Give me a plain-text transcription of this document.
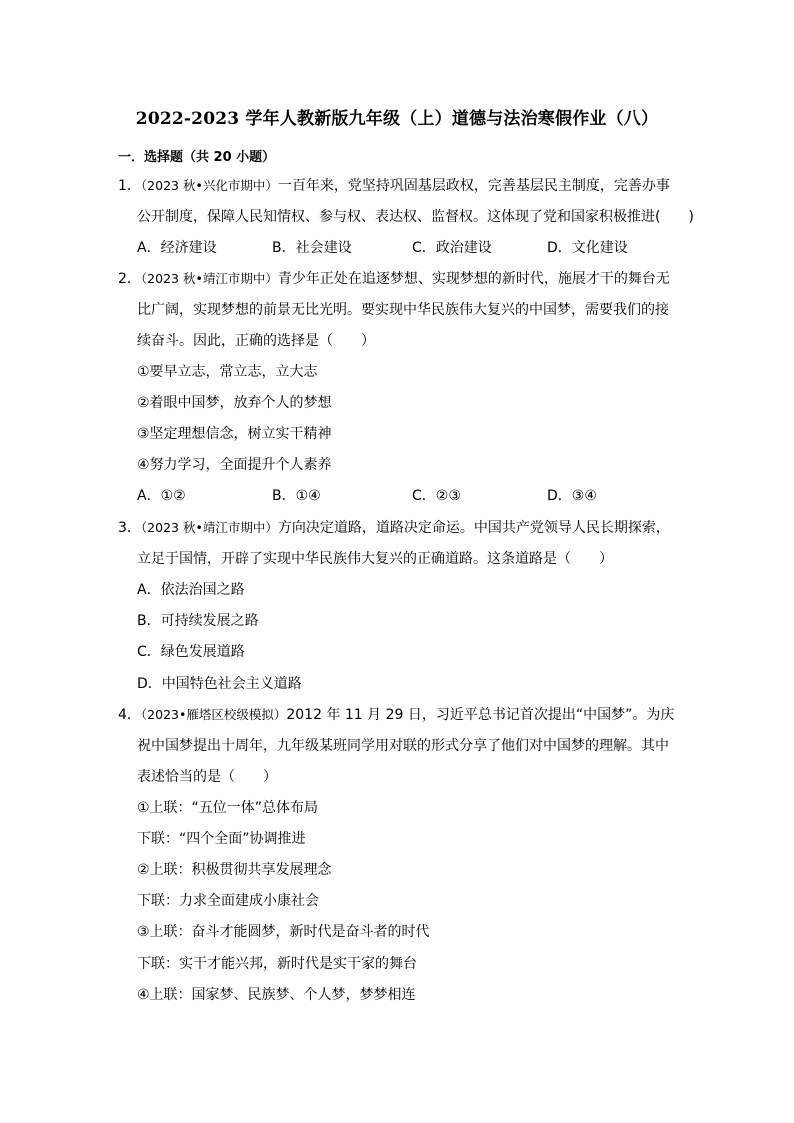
2022-2023 学年人教新版九年级（上）道德与法治寒假作业（八）
一．选择题（共 20 小题）
1．（2023 秋•兴化市期中）一百年来，党坚持巩固基层政权，完善基层民主制度，完善办事
公开制度，保障人民知情权、参与权、表达权、监督权。这体现了党和国家积极推进(　　)
A．经济建设	B．社会建设	C．政治建设	D．文化建设
2．（2023 秋•靖江市期中）青少年正处在追逐梦想、实现梦想的新时代，施展才干的舞台无
比广阔，实现梦想的前景无比光明。要实现中华民族伟大复兴的中国梦，需要我们的接
续奋斗。因此，正确的选择是（　　）
①要早立志，常立志，立大志
②着眼中国梦，放弃个人的梦想
③坚定理想信念，树立实干精神
④努力学习，全面提升个人素养
A．①②	B．①④	C．②③	D．③④
3．（2023 秋•靖江市期中）方向决定道路，道路决定命运。中国共产党领导人民长期探索，
立足于国情，开辟了实现中华民族伟大复兴的正确道路。这条道路是（　　）
A．依法治国之路
B．可持续发展之路
C．绿色发展道路
D．中国特色社会主义道路
4．（2023•雁塔区校级模拟）2012 年 11 月 29 日，习近平总书记首次提出“中国梦”。为庆
祝中国梦提出十周年，九年级某班同学用对联的形式分享了他们对中国梦的理解。其中
表述恰当的是（　　）
①上联：“五位一体”总体布局
下联：“四个全面”协调推进
②上联：积极贯彻共享发展理念
下联：力求全面建成小康社会
③上联：奋斗才能圆梦，新时代是奋斗者的时代
下联：实干才能兴邦，新时代是实干家的舞台
④上联：国家梦、民族梦、个人梦，梦梦相连
